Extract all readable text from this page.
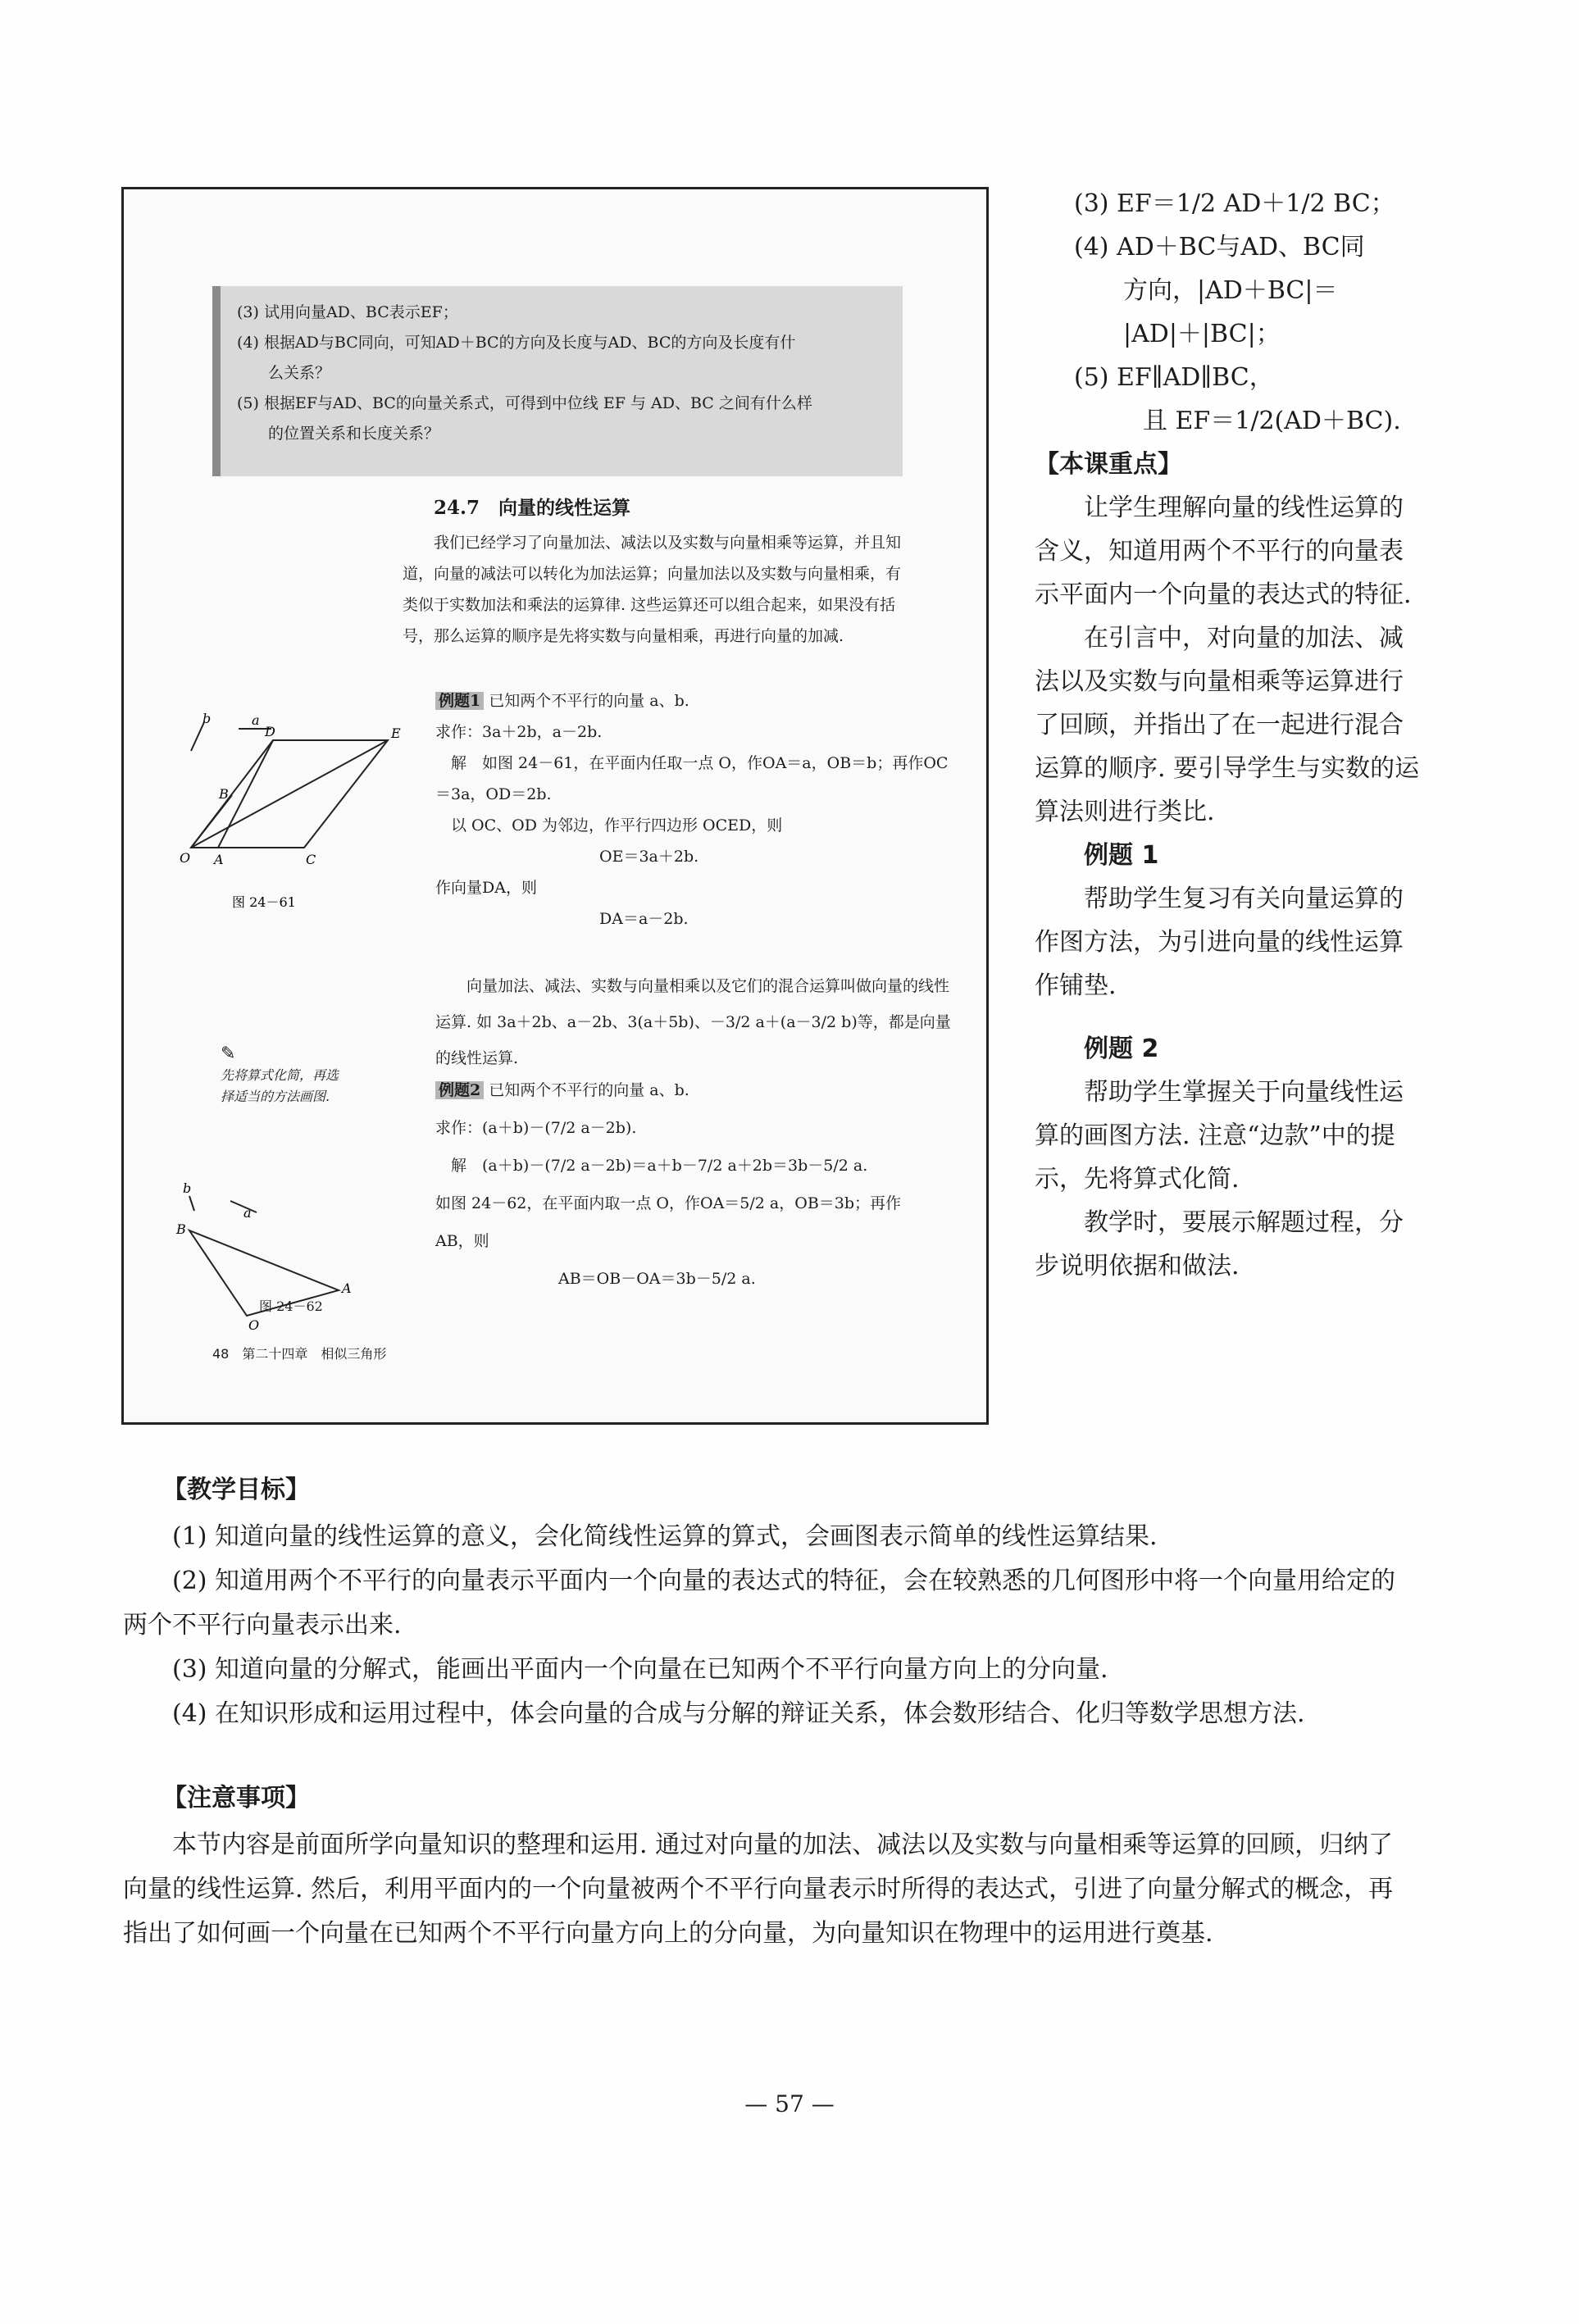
(3) 试用向量AD、BC表示EF；
(4) 根据AD与BC同向，可知AD＋BC的方向及长度与AD、BC的方向及长度有什
么关系？
(5) 根据EF与AD、BC的向量关系式，可得到中位线 EF 与 AD、BC 之间有什么样
的位置关系和长度关系？
24.7　向量的线性运算
我们已经学习了向量加法、减法以及实数与向量相乘等运算，并且知道，向量的减法可以转化为加法运算；向量加法以及实数与向量相乘，有类似于实数加法和乘法的运算律. 这些运算还可以组合起来，如果没有括号，那么运算的顺序是先将实数与向量相乘，再进行向量的加减.
b	a
O A	C
B
D	E
图 24－61
例题1 已知两个不平行的向量 a、b.
求作：3a＋2b，a－2b.
解　如图 24－61，在平面内任取一点 O，作OA＝a，OB＝b；再作OC＝3a，OD＝2b.
以 OC、OD 为邻边，作平行四边形 OCED，则
OE＝3a＋2b.
作向量DA，则
DA＝a－2b.
向量加法、减法、实数与向量相乘以及它们的混合运算叫做向量的线性运算. 如 3a＋2b、a－2b、3(a＋5b)、－3/2 a＋(a－3/2 b)等，都是向量的线性运算.
✎
先将算式化简，再选择适当的方法画图.
B
A
O
a
b
图 24－62
例题2 已知两个不平行的向量 a、b.
求作：(a＋b)－(7/2 a－2b).
解　(a＋b)－(7/2 a－2b)＝a＋b－7/2 a＋2b＝3b－5/2 a.
如图 24－62，在平面内取一点 O，作OA＝5/2 a，OB＝3b；再作
AB，则
AB＝OB－OA＝3b－5/2 a.
48　第二十四章　相似三角形
(3) EF＝1/2 AD＋1/2 BC；
(4) AD＋BC与AD、BC同
方向，|AD＋BC|＝
|AD|＋|BC|；
(5) EF∥AD∥BC，
且 EF＝1/2(AD＋BC).
【本课重点】

让学生理解向量的线性运算的含义，知道用两个不平行的向量表示平面内一个向量的表达式的特征.

在引言中，对向量的加法、减法以及实数与向量相乘等运算进行了回顾，并指出了在一起进行混合运算的顺序. 要引导学生与实数的运算法则进行类比.

例题 1

帮助学生复习有关向量运算的作图方法，为引进向量的线性运算作铺垫.

例题 2

帮助学生掌握关于向量线性运算的画图方法. 注意“边款”中的提示，先将算式化简.

教学时，要展示解题过程，分步说明依据和做法.

【教学目标】

(1) 知道向量的线性运算的意义，会化简线性运算的算式，会画图表示简单的线性运算结果.

(2) 知道用两个不平行的向量表示平面内一个向量的表达式的特征，会在较熟悉的几何图形中将一个向量用给定的两个不平行向量表示出来.

(3) 知道向量的分解式，能画出平面内一个向量在已知两个不平行向量方向上的分向量.

(4) 在知识形成和运用过程中，体会向量的合成与分解的辩证关系，体会数形结合、化归等数学思想方法.

【注意事项】

本节内容是前面所学向量知识的整理和运用. 通过对向量的加法、减法以及实数与向量相乘等运算的回顾，归纳了向量的线性运算. 然后，利用平面内的一个向量被两个不平行向量表示时所得的表达式，引进了向量分解式的概念，再指出了如何画一个向量在已知两个不平行向量方向上的分向量，为向量知识在物理中的运用进行奠基.

— 57 —
